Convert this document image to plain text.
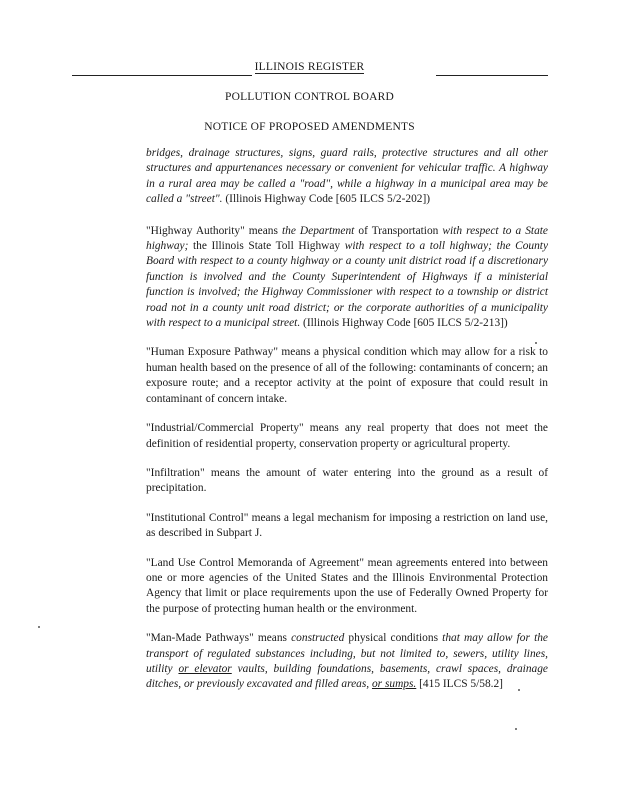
ILLINOIS REGISTER
POLLUTION CONTROL BOARD
NOTICE OF PROPOSED AMENDMENTS

bridges, drainage structures, signs, guard rails, protective structures and all other structures and appurtenances necessary or convenient for vehicular traffic. A highway in a rural area may be called a "road", while a highway in a municipal area may be called a "street". (Illinois Highway Code [605 ILCS 5/2-202])

"Highway Authority" means the Department of Transportation with respect to a State highway; the Illinois State Toll Highway with respect to a toll highway; the County Board with respect to a county highway or a county unit district road if a discretionary function is involved and the County Superintendent of Highways if a ministerial function is involved; the Highway Commissioner with respect to a township or district road not in a county unit road district; or the corporate authorities of a municipality with respect to a municipal street. (Illinois Highway Code [605 ILCS 5/2-213])

"Human Exposure Pathway" means a physical condition which may allow for a risk to human health based on the presence of all of the following: contaminants of concern; an exposure route; and a receptor activity at the point of exposure that could result in contaminant of concern intake.

"Industrial/Commercial Property" means any real property that does not meet the definition of residential property, conservation property or agricultural property.

"Infiltration" means the amount of water entering into the ground as a result of precipitation.

"Institutional Control" means a legal mechanism for imposing a restriction on land use, as described in Subpart J.

"Land Use Control Memoranda of Agreement" mean agreements entered into between one or more agencies of the United States and the Illinois Environmental Protection Agency that limit or place requirements upon the use of Federally Owned Property for the purpose of protecting human health or the environment.

"Man-Made Pathways" means constructed physical conditions that may allow for the transport of regulated substances including, but not limited to, sewers, utility lines, utility or elevator vaults, building foundations, basements, crawl spaces, drainage ditches, or previously excavated and filled areas, or sumps. [415 ILCS 5/58.2]
